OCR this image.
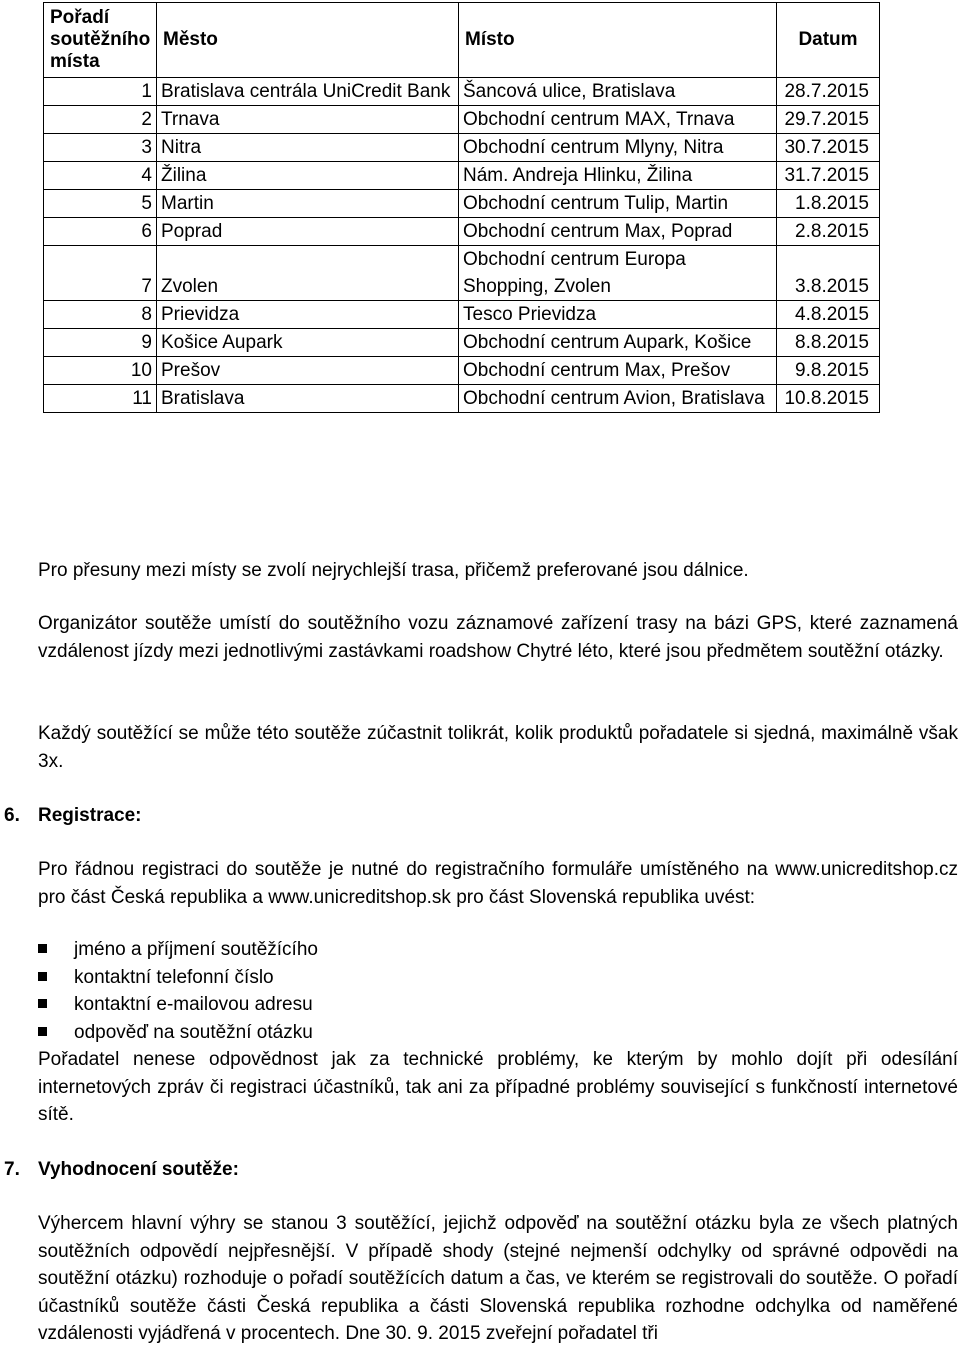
Pořadí soutěžního místa	Město	Místo	Datum
1	Bratislava centrála UniCredit Bank	Šancová ulice, Bratislava	28.7.2015
2	Trnava	Obchodní centrum MAX, Trnava	29.7.2015
3	Nitra	Obchodní centrum Mlyny, Nitra	30.7.2015
4	Žilina	Nám. Andreja Hlinku, Žilina	31.7.2015
5	Martin	Obchodní centrum Tulip, Martin	1.8.2015
6	Poprad	Obchodní centrum Max, Poprad	2.8.2015
7	Zvolen	Obchodní centrum Europa Shopping, Zvolen	3.8.2015
8	Prievidza	Tesco Prievidza	4.8.2015
9	Košice Aupark	Obchodní centrum Aupark, Košice	8.8.2015
10	Prešov	Obchodní centrum Max, Prešov	9.8.2015
11	Bratislava	Obchodní centrum Avion, Bratislava	10.8.2015
Pro přesuny mezi místy se zvolí nejrychlejší trasa, přičemž preferované jsou dálnice.
Organizátor soutěže umístí do soutěžního vozu záznamové zařízení trasy na bázi GPS, které zaznamená vzdálenost jízdy mezi jednotlivými zastávkami roadshow Chytré léto, které jsou předmětem soutěžní otázky.
Každý soutěžící se může této soutěže zúčastnit tolikrát, kolik produktů pořadatele si sjedná, maximálně však 3x.
6. Registrace:
Pro řádnou registraci do soutěže je nutné do registračního formuláře umístěného na www.unicreditshop.cz pro část Česká republika a www.unicreditshop.sk pro část Slovenská republika uvést:
jméno a příjmení soutěžícího
kontaktní telefonní číslo
kontaktní e-mailovou adresu
odpověď na soutěžní otázku
Pořadatel nenese odpovědnost jak za technické problémy, ke kterým by mohlo dojít při odesílání internetových zpráv či registraci účastníků, tak ani za případné problémy související s funkčností internetové sítě.
7. Vyhodnocení soutěže:
Výhercem hlavní výhry se stanou 3 soutěžící, jejichž odpověď na soutěžní otázku byla ze všech platných soutěžních odpovědí nejpřesnější. V případě shody (stejné nejmenší odchylky od správné odpovědi na soutěžní otázku) rozhoduje o pořadí soutěžících datum a čas, ve kterém se registrovali do soutěže. O pořadí účastníků soutěže části Česká republika a části Slovenská republika rozhodne odchylka od naměřené vzdálenosti vyjádřená v procentech. Dne 30. 9. 2015 zveřejní pořadatel tři
